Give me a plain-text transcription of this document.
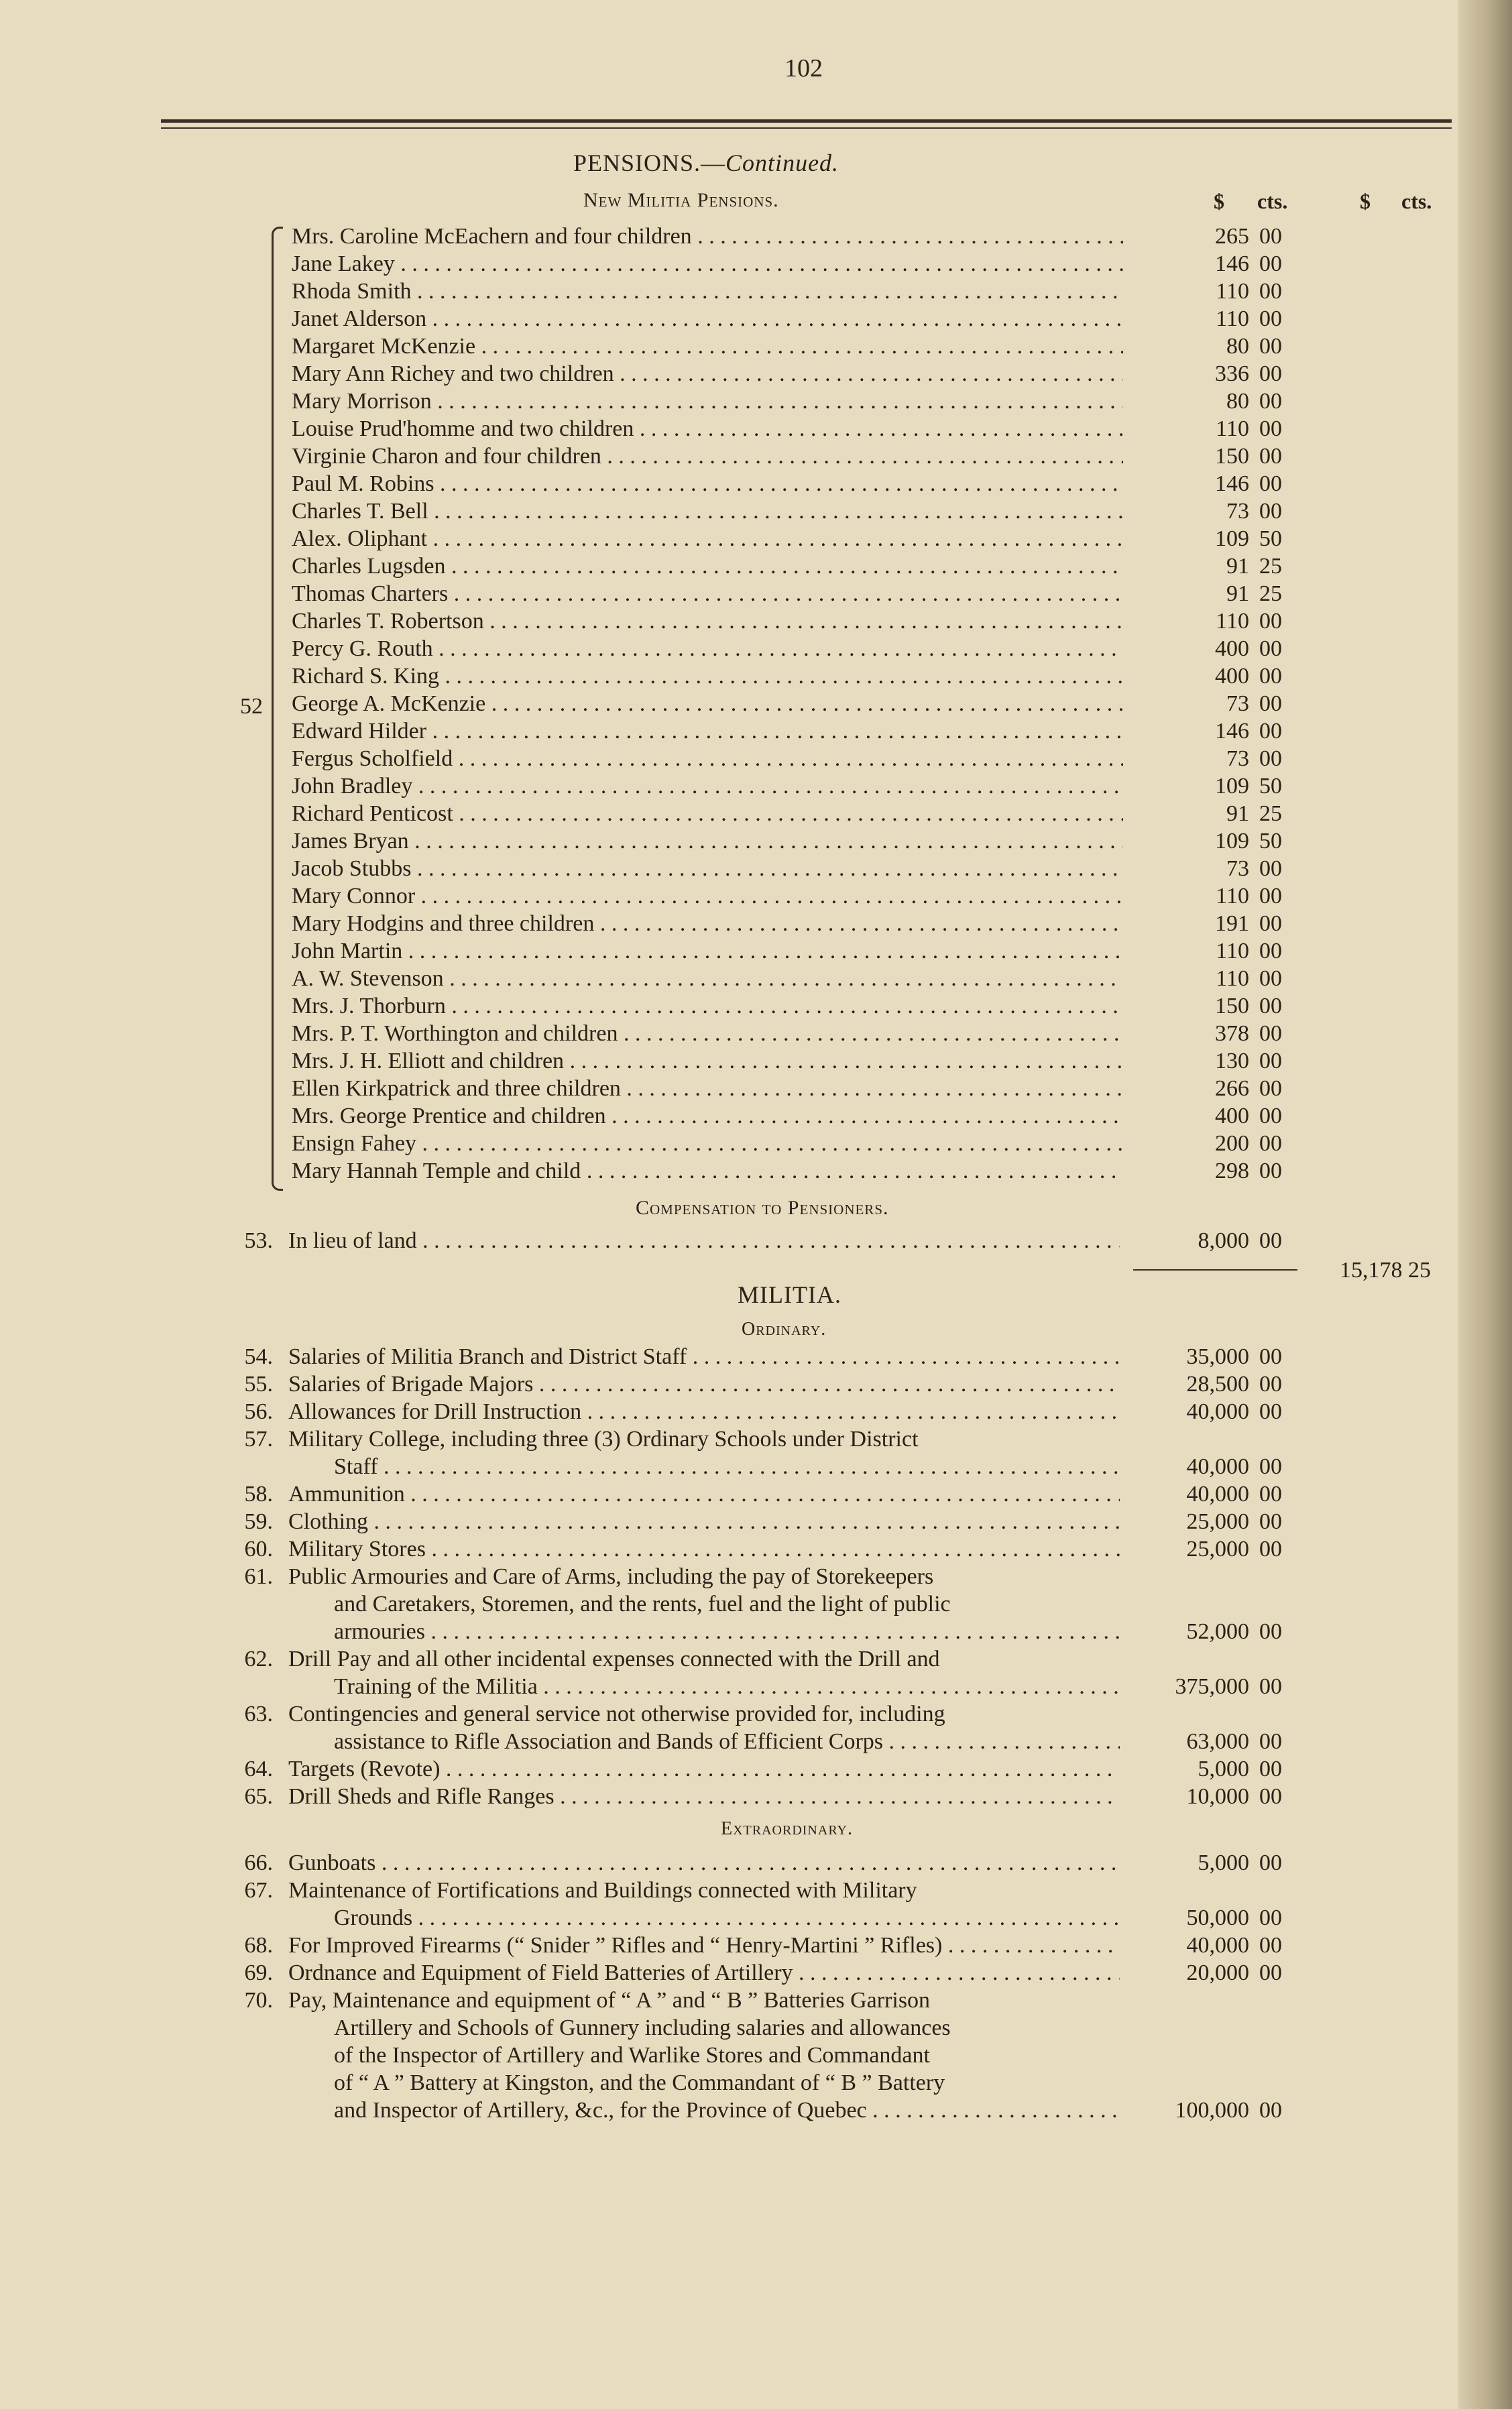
102
PENSIONS.—Continued.
New Militia Pensions.	$ cts.	$ cts.
52
Mrs. Caroline McEachern and four children . . .	265 00
Jane Lakey . . .	146 00
Rhoda Smith . . .	110 00
Janet Alderson . . .	110 00
Margaret McKenzie . . .	80 00
Mary Ann Richey and two children . . .	336 00
Mary Morrison . . .	80 00
Louise Prud'homme and two children . . .	110 00
Virginie Charon and four children . . .	150 00
Paul M. Robins . . .	146 00
Charles T. Bell . . .	73 00
Alex. Oliphant . . .	109 50
Charles Lugsden . . .	91 25
Thomas Charters . . .	91 25
Charles T. Robertson . . .	110 00
Percy G. Routh . . .	400 00
Richard S. King . . .	400 00
George A. McKenzie . . .	73 00
Edward Hilder . . .	146 00
Fergus Scholfield . . .	73 00
John Bradley . . .	109 50
Richard Penticost . . .	91 25
James Bryan . . .	109 50
Jacob Stubbs . . .	73 00
Mary Connor . . .	110 00
Mary Hodgins and three children . . .	191 00
John Martin . . .	110 00
A. W. Stevenson . . .	110 00
Mrs. J. Thorburn . . .	150 00
Mrs. P. T. Worthington and children . . .	378 00
Mrs. J. H. Elliott and children . . .	130 00
Ellen Kirkpatrick and three children . . .	266 00
Mrs. George Prentice and children . . .	400 00
Ensign Fahey . . .	200 00
Mary Hannah Temple and child . . .	298 00
Compensation to Pensioners.
53. In lieu of land . . .	8,000 00
15,178 25
MILITIA.
Ordinary.
54. Salaries of Militia Branch and District Staff . . .	35,000 00
55. Salaries of Brigade Majors . . .	28,500 00
56. Allowances for Drill Instruction . . .	40,000 00
57. Military College, including three (3) Ordinary Schools under District
Staff . . .	40,000 00
58. Ammunition . . .	40,000 00
59. Clothing . . .	25,000 00
60. Military Stores . . .	25,000 00
61. Public Armouries and Care of Arms, including the pay of Storekeepers
and Caretakers, Storemen, and the rents, fuel and the light of public
armouries . . .	52,000 00
62. Drill Pay and all other incidental expenses connected with the Drill and
Training of the Militia . . .	375,000 00
63. Contingencies and general service not otherwise provided for, including
assistance to Rifle Association and Bands of Efficient Corps . . .	63,000 00
64. Targets (Revote) . . .	5,000 00
65. Drill Sheds and Rifle Ranges . . .	10,000 00
Extraordinary.
66. Gunboats . . .	5,000 00
67. Maintenance of Fortifications and Buildings connected with Military
Grounds . . .	50,000 00
68. For Improved Firearms (“ Snider ” Rifles and “ Henry-Martini ” Rifles) . . .	40,000 00
69. Ordnance and Equipment of Field Batteries of Artillery . . .	20,000 00
70. Pay, Maintenance and equipment of “ A ” and “ B ” Batteries Garrison
Artillery and Schools of Gunnery including salaries and allowances
of the Inspector of Artillery and Warlike Stores and Commandant
of “ A ” Battery at Kingston, and the Commandant of “ B ” Battery
and Inspector of Artillery, &c., for the Province of Quebec . . .	100,000 00
